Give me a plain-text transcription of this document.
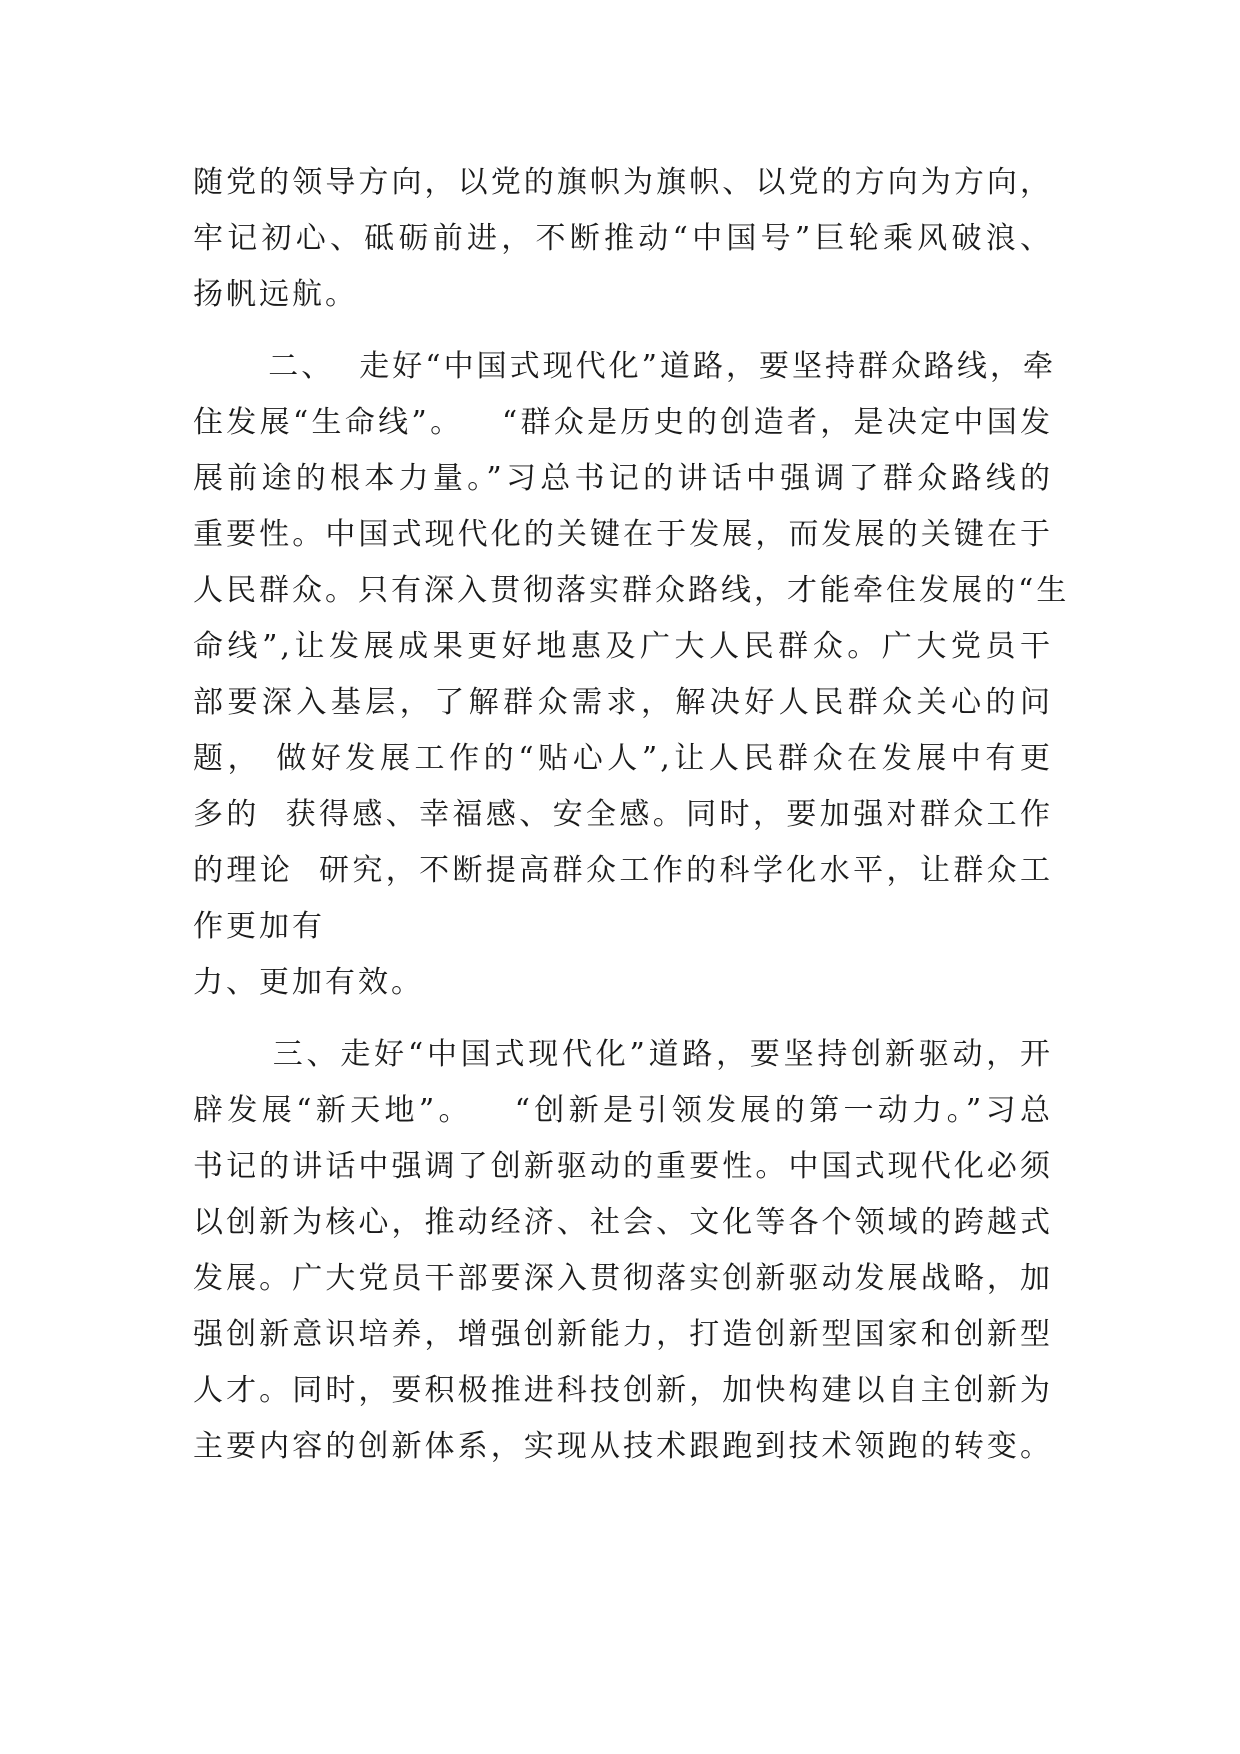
随党的领导方向，以党的旗帜为旗帜、以党的方向为方向，
牢记初心、砥砺前进，不断推动“中国号”巨轮乘风破浪、
扬帆远航。
二、  走好“中国式现代化”道路，要坚持群众路线，牵
住发展“生命线”。   “群众是历史的创造者，是决定中国发
展前途的根本力量。”习总书记的讲话中强调了群众路线的
重要性。中国式现代化的关键在于发展，而发展的关键在于
人民群众。只有深入贯彻落实群众路线，才能牵住发展的“生
命线”,让发展成果更好地惠及广大人民群众。广大党员干
部要深入基层，了解群众需求，解决好人民群众关心的问
题， 做好发展工作的“贴心人”,让人民群众在发展中有更
多的  获得感、幸福感、安全感。同时，要加强对群众工作
的理论  研究，不断提高群众工作的科学化水平，让群众工
作更加有
力、更加有效。
三、走好“中国式现代化”道路，要坚持创新驱动，开
辟发展“新天地”。   “创新是引领发展的第一动力。”习总
书记的讲话中强调了创新驱动的重要性。中国式现代化必须
以创新为核心，推动经济、社会、文化等各个领域的跨越式
发展。广大党员干部要深入贯彻落实创新驱动发展战略，加
强创新意识培养，增强创新能力，打造创新型国家和创新型
人才。同时，要积极推进科技创新，加快构建以自主创新为
主要内容的创新体系，实现从技术跟跑到技术领跑的转变。
